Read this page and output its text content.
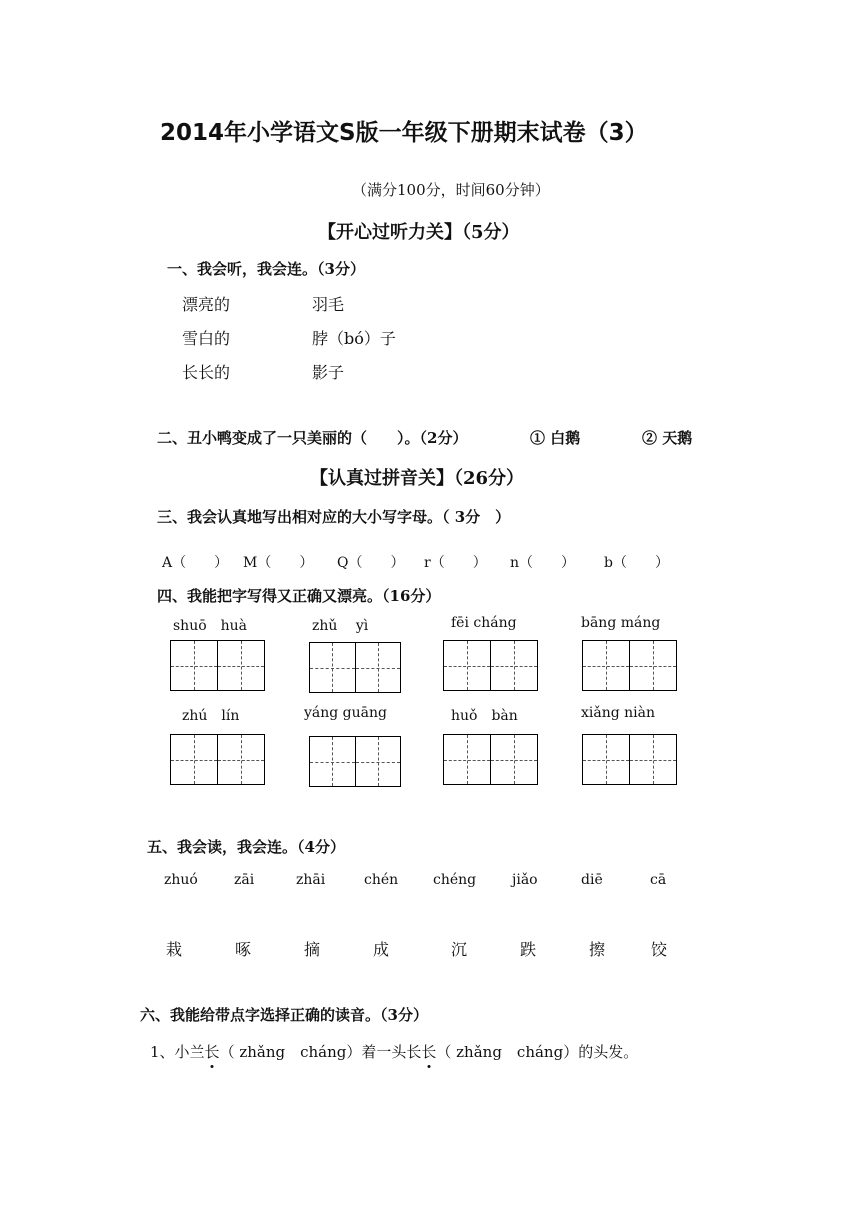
2014年小学语文S版一年级下册期末试卷（3）
（满分100分，时间60分钟）
【开心过听力关】（5分）
一、我会听，我会连。（3分）
漂亮的
雪白的
长长的
羽毛
脖（bó）子
影子
二、丑小鸭变成了一只美丽的（　　）。（2分）	① 白鹅	② 天鹅
【认真过拼音关】（26分）
三、我会认真地写出相对应的大小写字母。（ 3分　）
A（　　） M（　　） Q（　　） r（　　） n（　　） b（　　）
四、我能把字写得又正确又漂亮。（16分）
shuō　huà	zhǔ　 yì	fēi cháng	bāng máng
zhú　lín	yáng guāng	huǒ　bàn	xiǎng niàn
五、我会读，我会连。（4分）
zhuó	zāi	zhāi	chén chéng	jiǎo	diē	cā
栽	啄	摘	成	沉	跌	擦	饺
六、我能给带点字选择正确的读音。（3分）
1、小兰长（ zhǎng　cháng）着一头长长（ zhǎng　cháng）的头发。
